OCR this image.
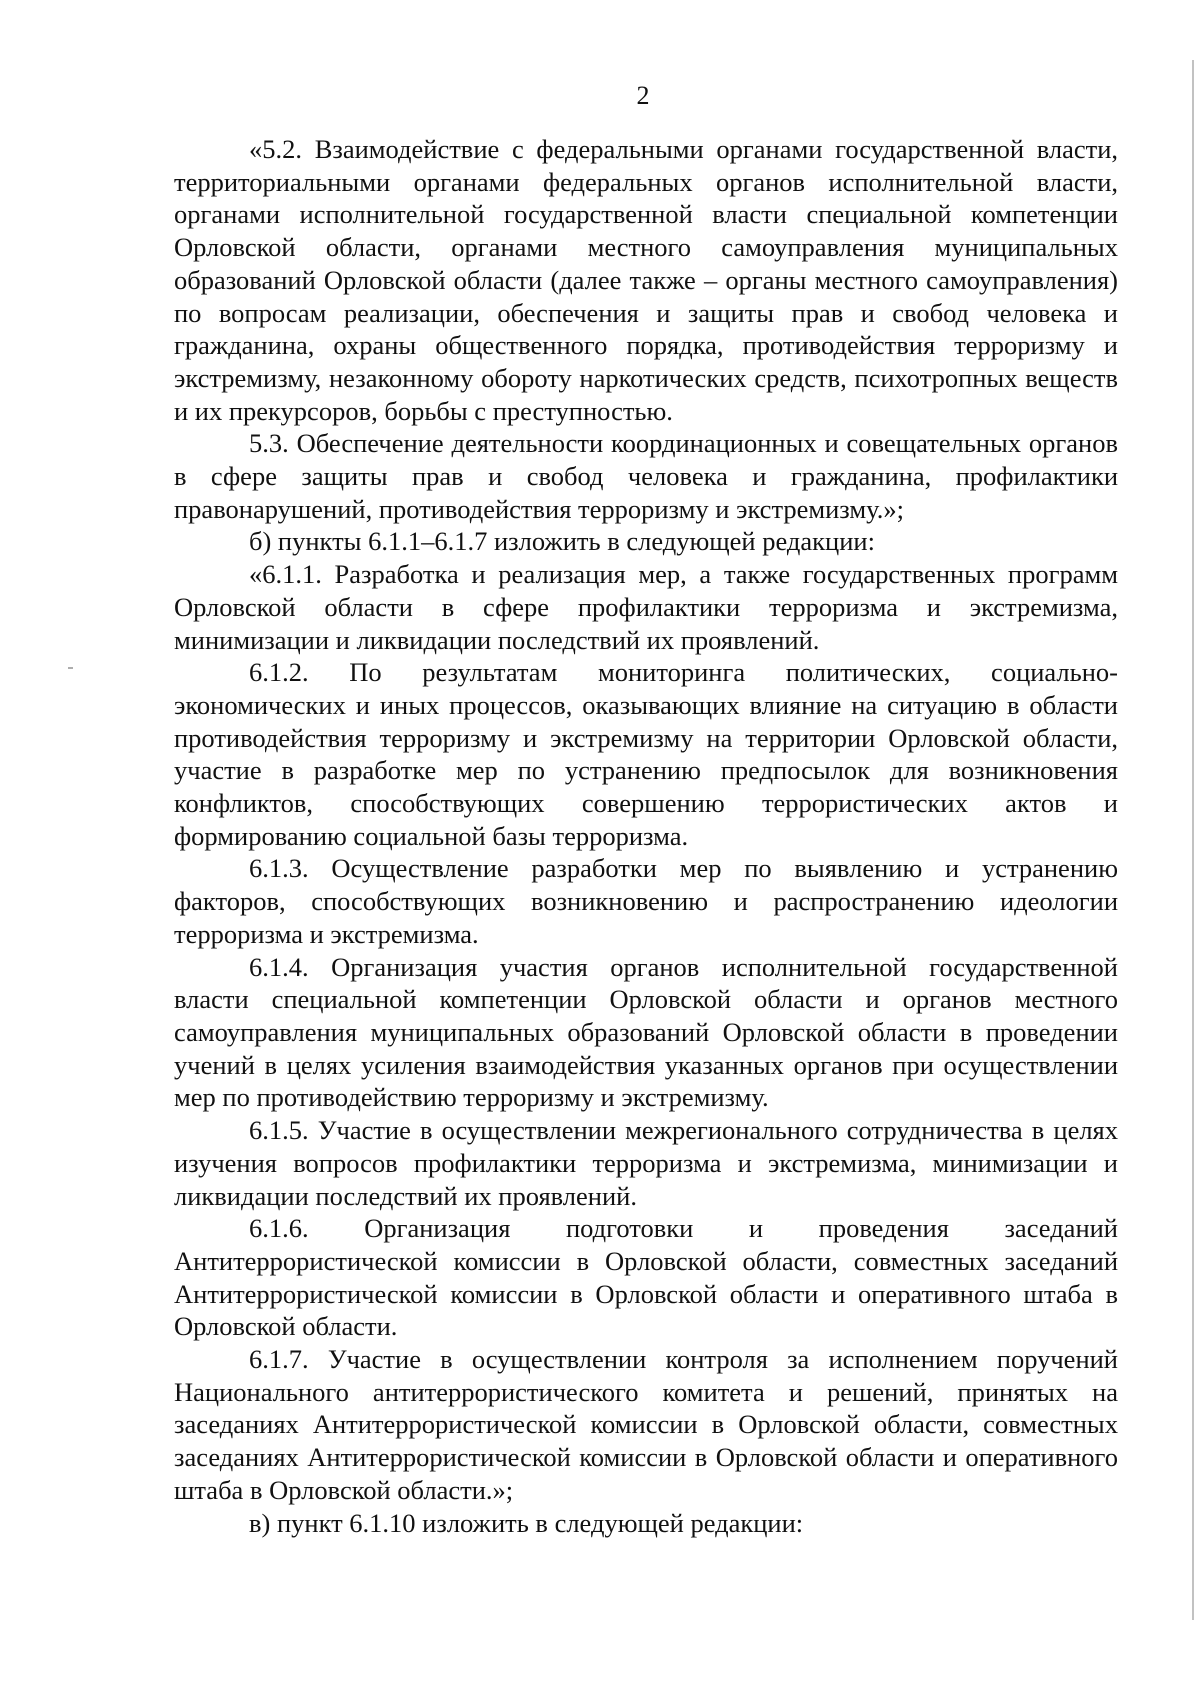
2

«5.2. Взаимодействие с федеральными органами государственной власти, территориальными органами федеральных органов исполнительной власти, органами исполнительной государственной власти специальной компетенции Орловской области, органами местного самоуправления муниципальных образований Орловской области (далее также – органы местного самоуправления) по вопросам реализации, обеспечения и защиты прав и свобод человека и гражданина, охраны общественного порядка, противодействия терроризму и экстремизму, незаконному обороту наркотических средств, психотропных веществ и их прекурсоров, борьбы с преступностью.

5.3. Обеспечение деятельности координационных и совещательных органов в сфере защиты прав и свобод человека и гражданина, профилактики правонарушений, противодействия терроризму и экстремизму.»;

б) пункты 6.1.1–6.1.7 изложить в следующей редакции:

«6.1.1. Разработка и реализация мер, а также государственных программ Орловской области в сфере профилактики терроризма и экстремизма, минимизации и ликвидации последствий их проявлений.

6.1.2. По результатам мониторинга политических, социально-экономических и иных процессов, оказывающих влияние на ситуацию в области противодействия терроризму и экстремизму на территории Орловской области, участие в разработке мер по устранению предпосылок для возникновения конфликтов, способствующих совершению террористических актов и формированию социальной базы терроризма.

6.1.3. Осуществление разработки мер по выявлению и устранению факторов, способствующих возникновению и распространению идеологии терроризма и экстремизма.

6.1.4. Организация участия органов исполнительной государственной власти специальной компетенции Орловской области и органов местного самоуправления муниципальных образований Орловской области в проведении учений в целях усиления взаимодействия указанных органов при осуществлении мер по противодействию терроризму и экстремизму.

6.1.5. Участие в осуществлении межрегионального сотрудничества в целях изучения вопросов профилактики терроризма и экстремизма, минимизации и ликвидации последствий их проявлений.

6.1.6. Организация подготовки и проведения заседаний Антитеррористической комиссии в Орловской области, совместных заседаний Антитеррористической комиссии в Орловской области и оперативного штаба в Орловской области.

6.1.7. Участие в осуществлении контроля за исполнением поручений Национального антитеррористического комитета и решений, принятых на заседаниях Антитеррористической комиссии в Орловской области, совместных заседаниях Антитеррористической комиссии в Орловской области и оперативного штаба в Орловской области.»;

в) пункт 6.1.10 изложить в следующей редакции:
